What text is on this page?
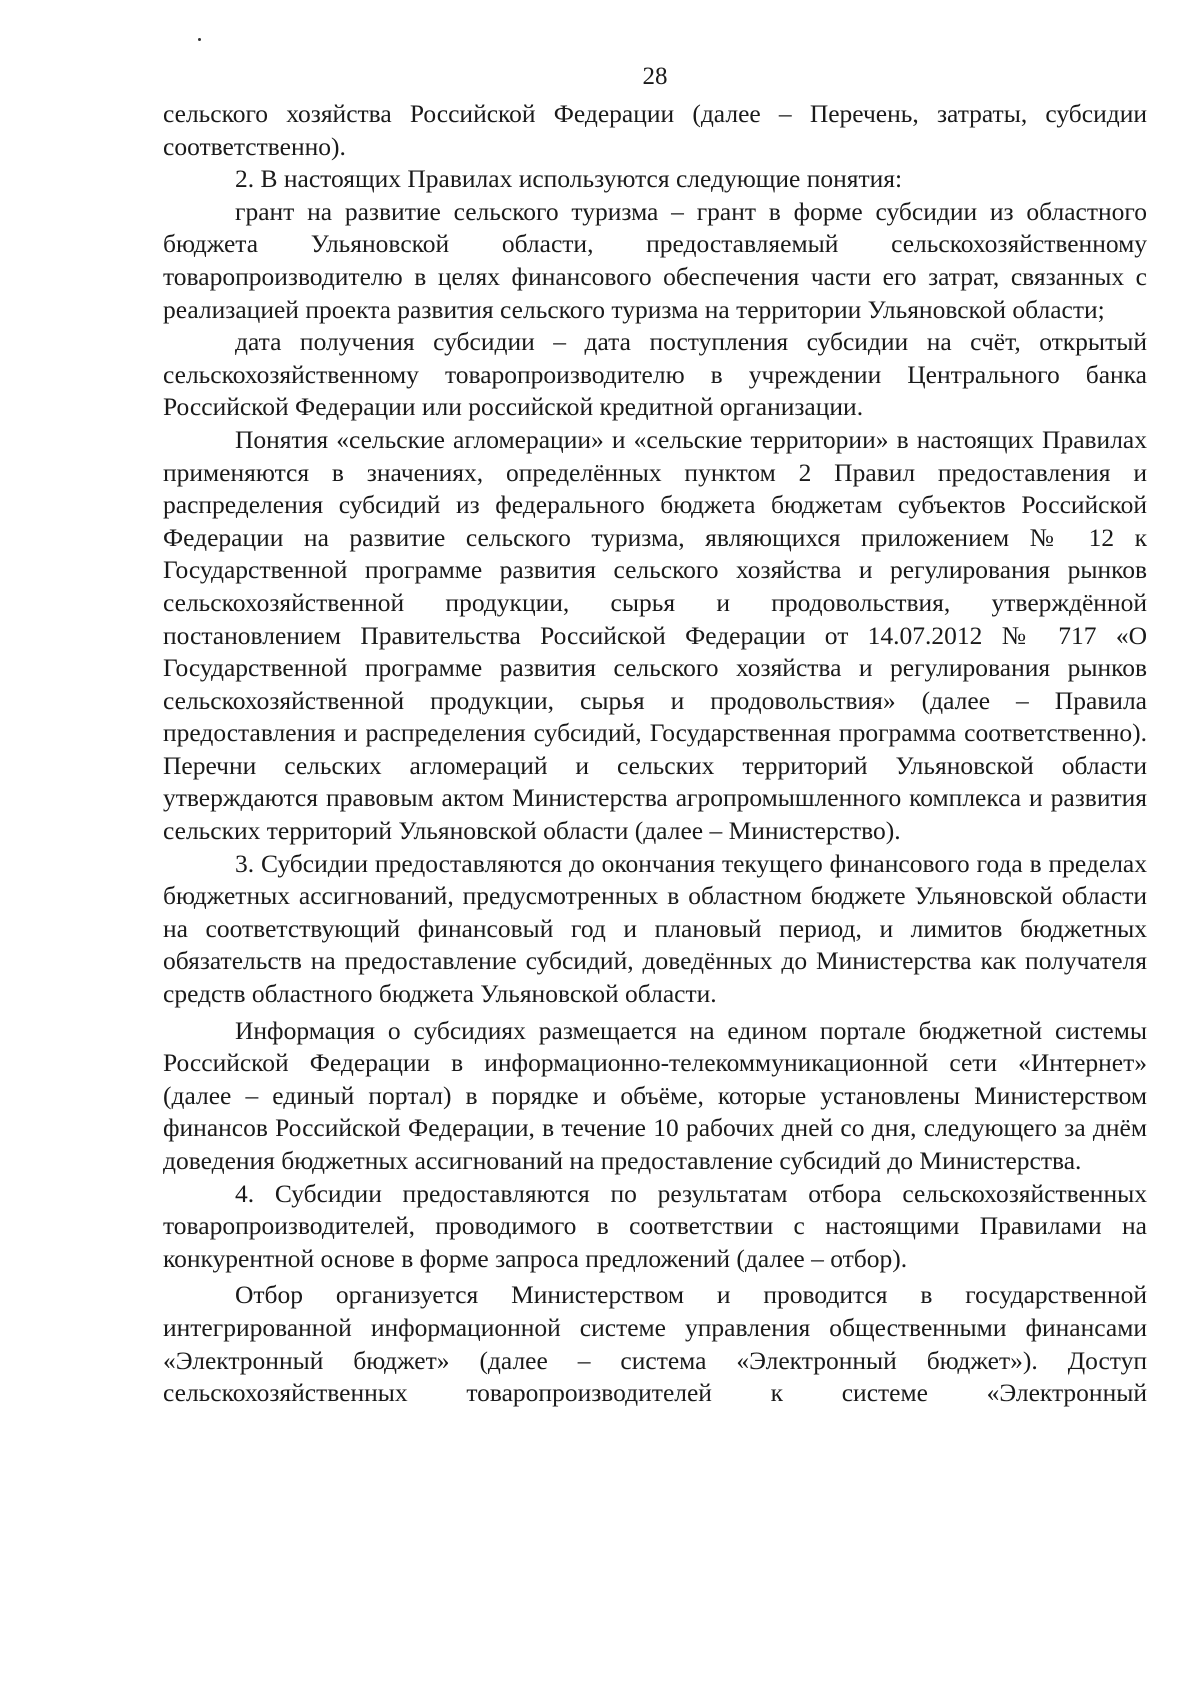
28

сельского хозяйства Российской Федерации (далее – Перечень, затраты, субсидии соответственно).

2. В настоящих Правилах используются следующие понятия:

грант на развитие сельского туризма – грант в форме субсидии из областного бюджета Ульяновской области, предоставляемый сельскохозяйственному товаропроизводителю в целях финансового обеспечения части его затрат, связанных с реализацией проекта развития сельского туризма на территории Ульяновской области;

дата получения субсидии – дата поступления субсидии на счёт, открытый сельскохозяйственному товаропроизводителю в учреждении Центрального банка Российской Федерации или российской кредитной организации.

Понятия «сельские агломерации» и «сельские территории» в настоящих Правилах применяются в значениях, определённых пунктом 2 Правил предоставления и распределения субсидий из федерального бюджета бюджетам субъектов Российской Федерации на развитие сельского туризма, являющихся приложением № 12 к Государственной программе развития сельского хозяйства и регулирования рынков сельскохозяйственной продукции, сырья и продовольствия, утверждённой постановлением Правительства Российской Федерации от 14.07.2012 № 717 «О Государственной программе развития сельского хозяйства и регулирования рынков сельскохозяйственной продукции, сырья и продовольствия» (далее – Правила предоставления и распределения субсидий, Государственная программа соответственно). Перечни сельских агломераций и сельских территорий Ульяновской области утверждаются правовым актом Министерства агропромышленного комплекса и развития сельских территорий Ульяновской области (далее – Министерство).

3. Субсидии предоставляются до окончания текущего финансового года в пределах бюджетных ассигнований, предусмотренных в областном бюджете Ульяновской области на соответствующий финансовый год и плановый период, и лимитов бюджетных обязательств на предоставление субсидий, доведённых до Министерства как получателя средств областного бюджета Ульяновской области.

Информация о субсидиях размещается на едином портале бюджетной системы Российской Федерации в информационно-телекоммуникационной сети «Интернет» (далее – единый портал) в порядке и объёме, которые установлены Министерством финансов Российской Федерации, в течение 10 рабочих дней со дня, следующего за днём доведения бюджетных ассигнований на предоставление субсидий до Министерства.

4. Субсидии предоставляются по результатам отбора сельскохозяйственных товаропроизводителей, проводимого в соответствии с настоящими Правилами на конкурентной основе в форме запроса предложений (далее – отбор).

Отбор организуется Министерством и проводится в государственной интегрированной информационной системе управления общественными финансами «Электронный бюджет» (далее – система «Электронный бюджет»). Доступ сельскохозяйственных товаропроизводителей к системе «Электронный
